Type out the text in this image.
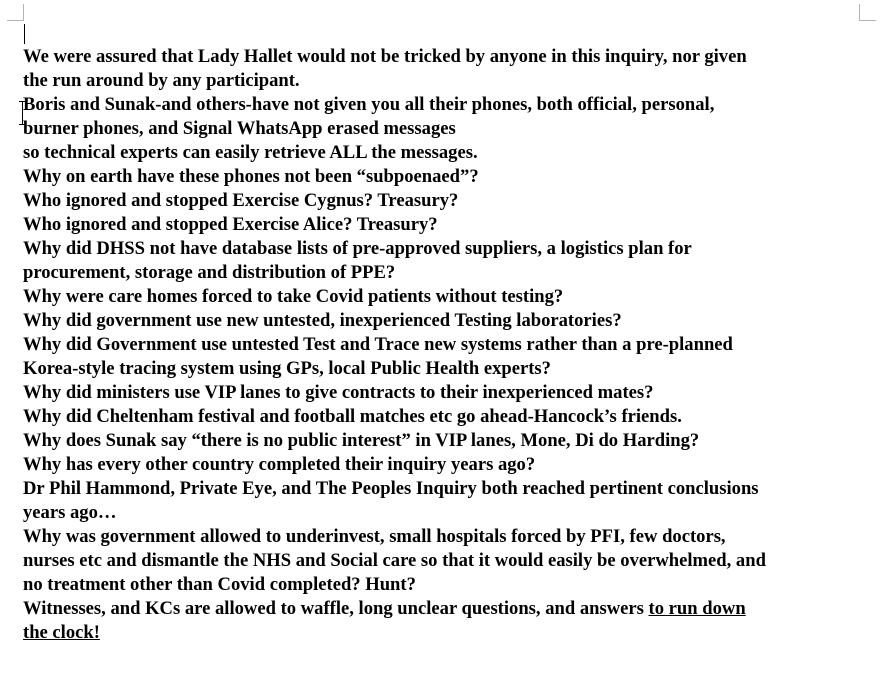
We were assured that Lady Hallet would not be tricked by anyone in this inquiry, nor given
the run around by any participant.
Boris and Sunak-and others-have not given you all their phones, both official, personal,
burner phones, and Signal WhatsApp erased messages
so technical experts can easily retrieve ALL the messages.
Why on earth have these phones not been “subpoenaed”?
Who ignored and stopped Exercise Cygnus? Treasury?
Who ignored and stopped Exercise Alice? Treasury?
Why did DHSS not have database lists of pre-approved suppliers, a logistics plan for
procurement, storage and distribution of PPE?
Why were care homes forced to take Covid patients without testing?
Why did government use new untested, inexperienced Testing laboratories?
Why did Government use untested Test and Trace new systems rather than a pre-planned
Korea-style tracing system using GPs, local Public Health experts?
Why did ministers use VIP lanes to give contracts to their inexperienced mates?
Why did Cheltenham festival and football matches etc go ahead-Hancock’s friends.
Why does Sunak say “there is no public interest” in VIP lanes, Mone, Di do Harding?
Why has every other country completed their inquiry years ago?
Dr Phil Hammond, Private Eye, and The Peoples Inquiry both reached pertinent conclusions
years ago…
Why was government allowed to underinvest, small hospitals forced by PFI, few doctors,
nurses etc and dismantle the NHS and Social care so that it would easily be overwhelmed, and
no treatment other than Covid completed? Hunt?
Witnesses, and KCs are allowed to waffle, long unclear questions, and answers to run down
the clock!
